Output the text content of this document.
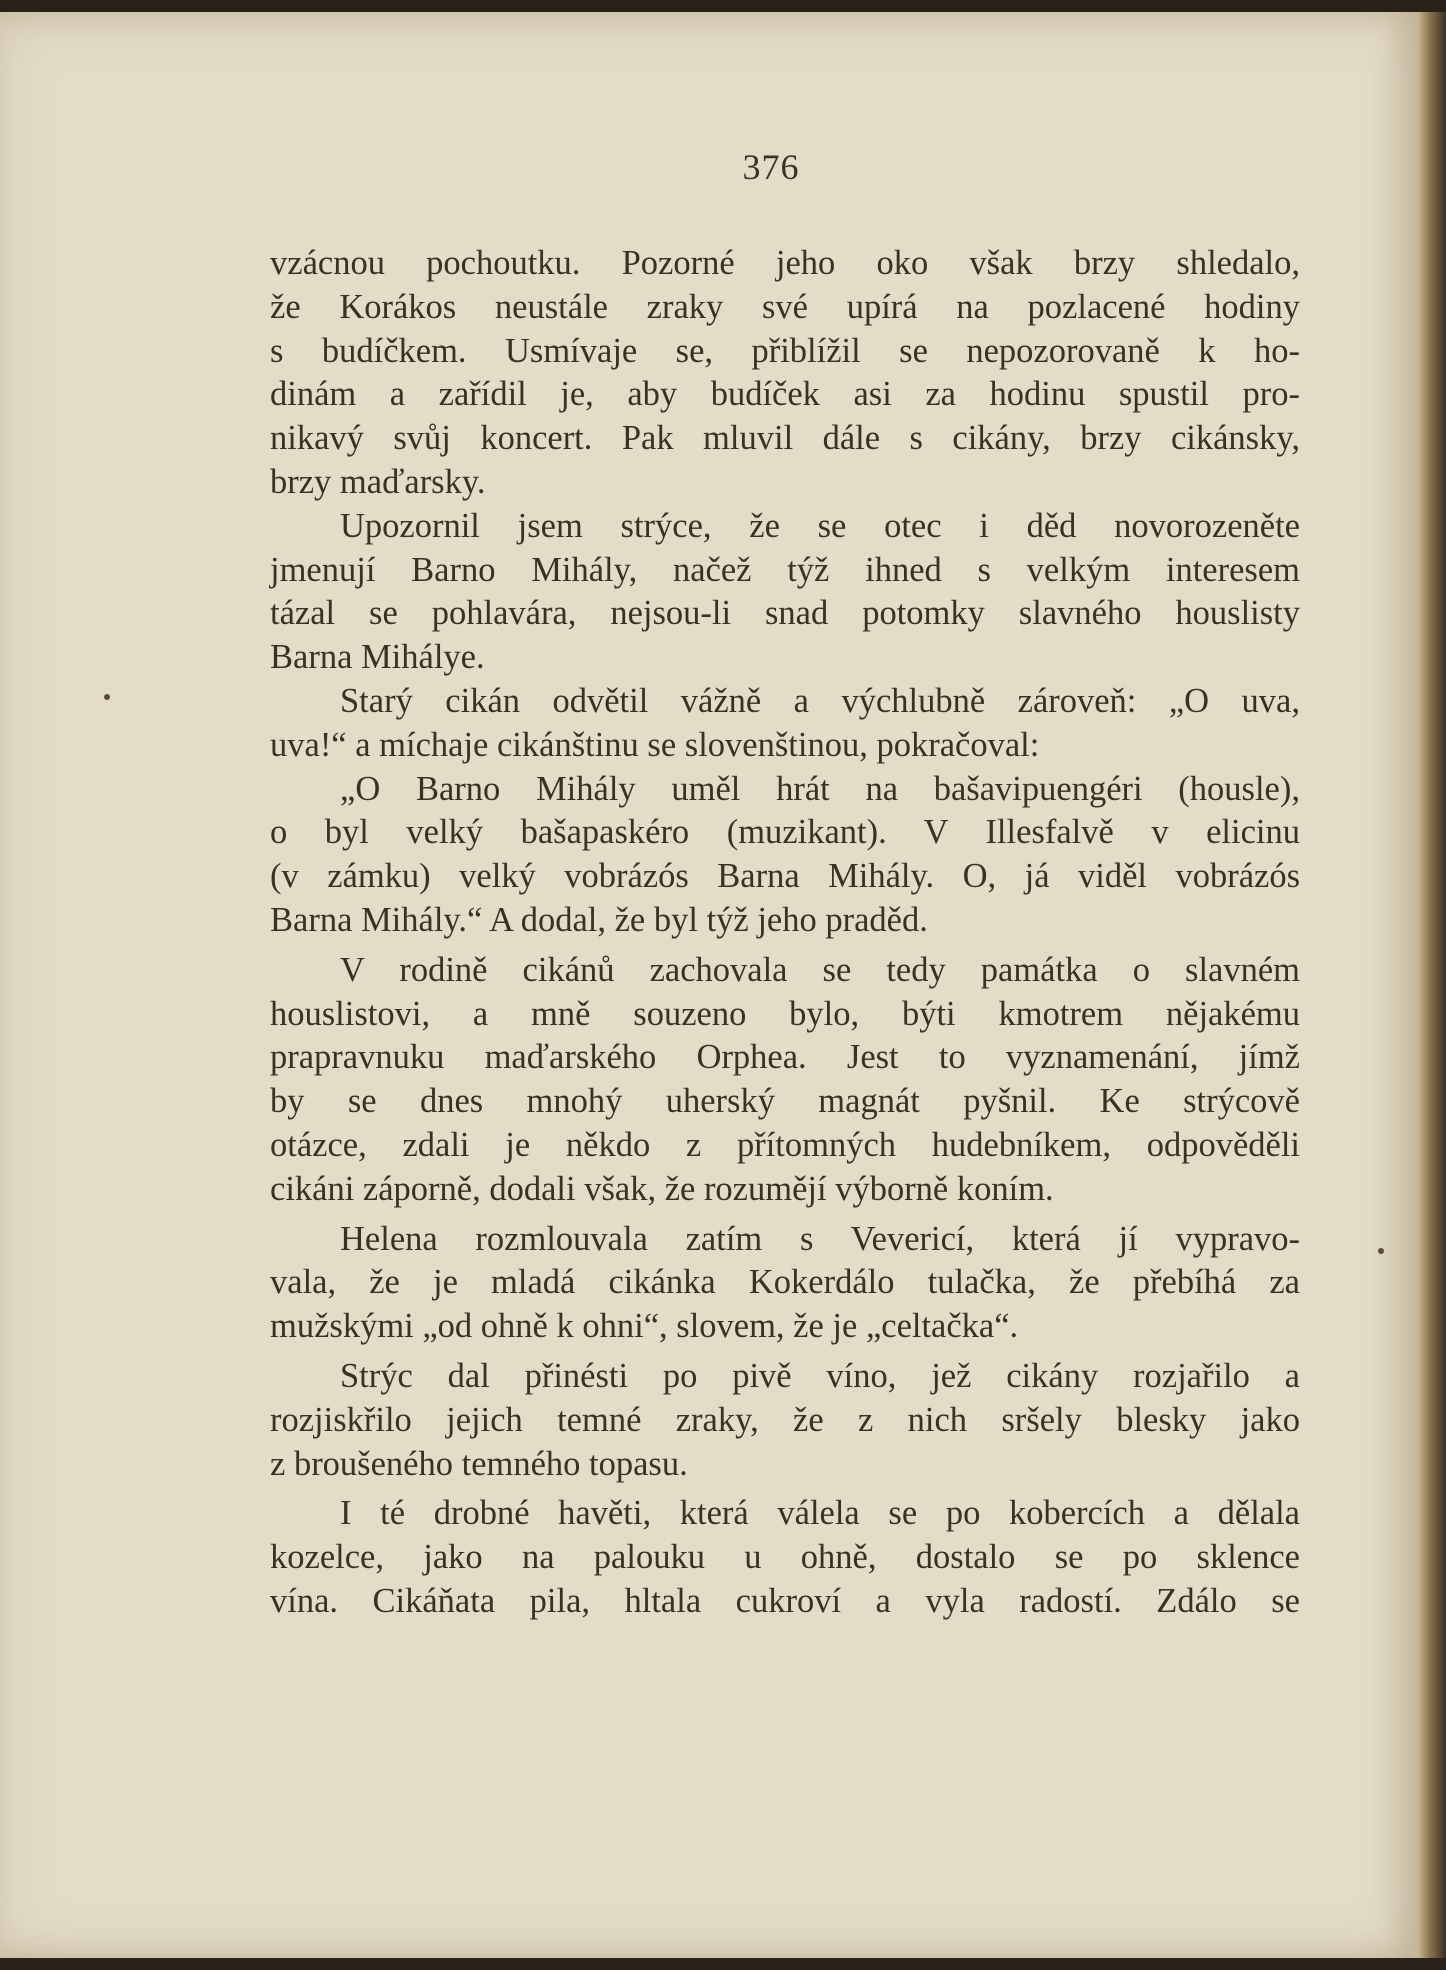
376
vzácnou pochoutku. Pozorné jeho oko však brzy shledalo,
že Korákos neustále zraky své upírá na pozlacené hodiny
s budíčkem. Usmívaje se, přiblížil se nepozorovaně k ho-
dinám a zařídil je, aby budíček asi za hodinu spustil pro-
nikavý svůj koncert. Pak mluvil dále s cikány, brzy cikánsky,
brzy maďarsky.
Upozornil jsem strýce, že se otec i děd novorozeněte
jmenují Barno Mihály, načež týž ihned s velkým interesem
tázal se pohlavára, nejsou-li snad potomky slavného houslisty
Barna Mihályе.
Starý cikán odvětil vážně a výchlubně zároveň: „O uva,
uva!“ a míchaje cikánštinu se slovenštinou, pokračoval:
„O Barno Mihály uměl hrát na bašavipuengéri (housle),
o byl velký bašapaskéro (muzikant). V Illesfalvě v elicinu
(v zámku) velký vobrázós Barna Mihály. O, já viděl vobrázós
Barna Mihály.“ A dodal, že byl týž jeho praděd.
V rodině cikánů zachovala se tedy památka o slavném
houslistovi, a mně souzeno bylo, býti kmotrem nějakému
prapravnuku maďarského Orphea. Jest to vyznamenání, jímž
by se dnes mnohý uherský magnát pyšnil. Ke strýcově
otázce, zdali je někdo z přítomných hudebníkem, odpověděli
cikáni záporně, dodali však, že rozumějí výborně koním.
Helena rozmlouvala zatím s Vevericí, která jí vypravo-
vala, že je mladá cikánka Kokerdálo tulačka, že přebíhá za
mužskými „od ohně k ohni“, slovem, že je „celtačka“.
Strýc dal přinésti po pivě víno, jež cikány rozjařilo a
rozjiskřilo jejich temné zraky, že z nich sršely blesky jako
z broušeného temného topasu.
I té drobné havěti, která válela se po kobercích a dělala
kozelce, jako na palouku u ohně, dostalo se po sklence
vína. Cikáňata pila, hltala cukroví a vyla radostí. Zdálo se
